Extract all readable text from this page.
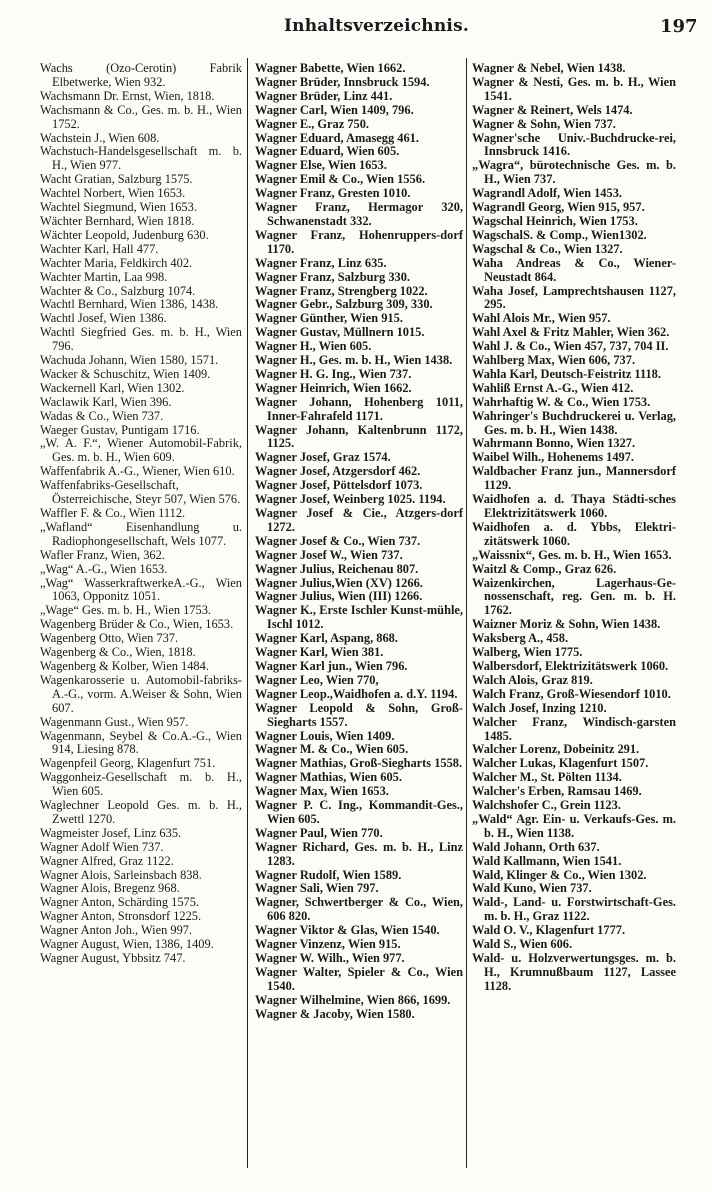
Inhaltsverzeichnis.	197

Wachs (Ozo-Cerotin) Fabrik Elbetwerke, Wien 932.

Wachsmann Dr. Ernst, Wien, 1818.

Wachsmann & Co., Ges. m. b. H., Wien 1752.

Wachstein J., Wien 608.

Wachstuch-Handelsgesellschaft m. b. H., Wien 977.

Wacht Gratian, Salzburg 1575.

Wachtel Norbert, Wien 1653.

Wachtel Siegmund, Wien 1653.

Wächter Bernhard, Wien 1818.

Wächter Leopold, Judenburg 630.

Wachter Karl, Hall 477.

Wachter Maria, Feldkirch 402.

Wachter Martin, Laa 998.

Wachter & Co., Salzburg 1074.

Wachtl Bernhard, Wien 1386, 1438.

Wachtl Josef, Wien 1386.

Wachtl Siegfried Ges. m. b. H., Wien 796.

Wachuda Johann, Wien 1580, 1571.

Wacker & Schuschitz, Wien 1409.

Wackernell Karl, Wien 1302.

Waclawik Karl, Wien 396.

Wadas & Co., Wien 737.

Waeger Gustav, Puntigam 1716.

„W. A. F.“, Wiener Automobil-Fabrik, Ges. m. b. H., Wien 609.

Waffenfabrik A.-G., Wiener, Wien 610.

Waffenfabriks-Gesellschaft, Österreichische, Steyr 507, Wien 576.

Waffler F. & Co., Wien 1112.

„Wafland“ Eisenhandlung u. Radiophongesellschaft, Wels 1077.

Wafler Franz, Wien, 362.

„Wag“ A.-G., Wien 1653.

„Wag“ WasserkraftwerkeA.-G., Wien 1063, Opponitz 1051.

„Wage“ Ges. m. b. H., Wien 1753.

Wagenberg Brüder & Co., Wien, 1653.

Wagenberg Otto, Wien 737.

Wagenberg & Co., Wien, 1818.

Wagenberg & Kolber, Wien 1484.

Wagenkarosserie u. Automobil-fabriks-A.-G., vorm. A.Weiser & Sohn, Wien 607.

Wagenmann Gust., Wien 957.

Wagenmann, Seybel & Co.A.-G., Wien 914, Liesing 878.

Wagenpfeil Georg, Klagenfurt 751.

Waggonheiz-Gesellschaft m. b. H., Wien 605.

Waglechner Leopold Ges. m. b. H., Zwettl 1270.

Wagmeister Josef, Linz 635.

Wagner Adolf Wien 737.

Wagner Alfred, Graz 1122.

Wagner Alois, Sarleinsbach 838.

Wagner Alois, Bregenz 968.

Wagner Anton, Schärding 1575.

Wagner Anton, Stronsdorf 1225.

Wagner Anton Joh., Wien 997.

Wagner August, Wien, 1386, 1409.

Wagner August, Ybbsitz 747.

Wagner Babette, Wien 1662.

Wagner Brüder, Innsbruck 1594.

Wagner Brüder, Linz 441.

Wagner Carl, Wien 1409, 796.

Wagner E., Graz 750.

Wagner Eduard, Amasegg 461.

Wagner Eduard, Wien 605.

Wagner Else, Wien 1653.

Wagner Emil & Co., Wien 1556.

Wagner Franz, Gresten 1010.

Wagner Franz, Hermagor 320, Schwanenstadt 332.

Wagner Franz, Hohenruppers-dorf 1170.

Wagner Franz, Linz 635.

Wagner Franz, Salzburg 330.

Wagner Franz, Strengberg 1022.

Wagner Gebr., Salzburg 309, 330.

Wagner Günther, Wien 915.

Wagner Gustav, Müllnern 1015.

Wagner H., Wien 605.

Wagner H., Ges. m. b. H., Wien 1438.

Wagner H. G. Ing., Wien 737.

Wagner Heinrich, Wien 1662.

Wagner Johann, Hohenberg 1011, Inner-Fahrafeld 1171.

Wagner Johann, Kaltenbrunn 1172, 1125.

Wagner Josef, Graz 1574.

Wagner Josef, Atzgersdorf 462.

Wagner Josef, Pöttelsdorf 1073.

Wagner Josef, Weinberg 1025. 1194.

Wagner Josef & Cie., Atzgers-dorf 1272.

Wagner Josef & Co., Wien 737.

Wagner Josef W., Wien 737.

Wagner Julius, Reichenau 807.

Wagner Julius,Wien (XV) 1266.

Wagner Julius, Wien (III) 1266.

Wagner K., Erste Ischler Kunst-mühle, Ischl 1012.

Wagner Karl, Aspang, 868.

Wagner Karl, Wien 381.

Wagner Karl jun., Wien 796.

Wagner Leo, Wien 770,

Wagner Leop.,Waidhofen a. d.Y. 1194.

Wagner Leopold & Sohn, Groß-Siegharts 1557.

Wagner Louis, Wien 1409.

Wagner M. & Co., Wien 605.

Wagner Mathias, Groß-Siegharts 1558.

Wagner Mathias, Wien 605.

Wagner Max, Wien 1653.

Wagner P. C. Ing., Kommandit-Ges., Wien 605.

Wagner Paul, Wien 770.

Wagner Richard, Ges. m. b. H., Linz 1283.

Wagner Rudolf, Wien 1589.

Wagner Sali, Wien 797.

Wagner, Schwertberger & Co., Wien, 606 820.

Wagner Viktor & Glas, Wien 1540.

Wagner Vinzenz, Wien 915.

Wagner W. Wilh., Wien 977.

Wagner Walter, Spieler & Co., Wien 1540.

Wagner Wilhelmine, Wien 866, 1699.

Wagner & Jacoby, Wien 1580.

Wagner & Nebel, Wien 1438.

Wagner & Nesti, Ges. m. b. H., Wien 1541.

Wagner & Reinert, Wels 1474.

Wagner & Sohn, Wien 737.

Wagner'sche Univ.-Buchdrucke-rei, Innsbruck 1416.

„Wagra“, bürotechnische Ges. m. b. H., Wien 737.

Wagrandl Adolf, Wien 1453.

Wagrandl Georg, Wien 915, 957.

Wagschal Heinrich, Wien 1753.

WagschalS. & Comp., Wien1302.

Wagschal & Co., Wien 1327.

Waha Andreas & Co., Wiener-Neustadt 864.

Waha Josef, Lamprechtshausen 1127, 295.

Wahl Alois Mr., Wien 957.

Wahl Axel & Fritz Mahler, Wien 362.

Wahl J. & Co., Wien 457, 737, 704 II.

Wahlberg Max, Wien 606, 737.

Wahla Karl, Deutsch-Feistritz 1118.

Wahliß Ernst A.-G., Wien 412.

Wahrhaftig W. & Co., Wien 1753.

Wahringer's Buchdruckerei u. Verlag, Ges. m. b. H., Wien 1438.

Wahrmann Bonno, Wien 1327.

Waibel Wilh., Hohenems 1497.

Waldbacher Franz jun., Mannersdorf 1129.

Waidhofen a. d. Thaya Städti-sches Elektrizitätswerk 1060.

Waidhofen a. d. Ybbs, Elektri-zitätswerk 1060.

„Waissnix“, Ges. m. b. H., Wien 1653.

Waitzl & Comp., Graz 626.

Waizenkirchen, Lagerhaus-Ge-nossenschaft, reg. Gen. m. b. H. 1762.

Waizner Moriz & Sohn, Wien 1438.

Waksberg A., 458.

Walberg, Wien 1775.

Walbersdorf, Elektrizitätswerk 1060.

Walch Alois, Graz 819.

Walch Franz, Groß-Wiesendorf 1010.

Walch Josef, Inzing 1210.

Walcher Franz, Windisch-garsten 1485.

Walcher Lorenz, Dobeinitz 291.

Walcher Lukas, Klagenfurt 1507.

Walcher M., St. Pölten 1134.

Walcher's Erben, Ramsau 1469.

Walchshofer C., Grein 1123.

„Wald“ Agr. Ein- u. Verkaufs-Ges. m. b. H., Wien 1138.

Wald Johann, Orth 637.

Wald Kallmann, Wien 1541.

Wald, Klinger & Co., Wien 1302.

Wald Kuno, Wien 737.

Wald-, Land- u. Forstwirtschaft-Ges. m. b. H., Graz 1122.

Wald O. V., Klagenfurt 1777.

Wald S., Wien 606.

Wald- u. Holzverwertungsges. m. b. H., Krumnußbaum 1127, Lassee 1128.
